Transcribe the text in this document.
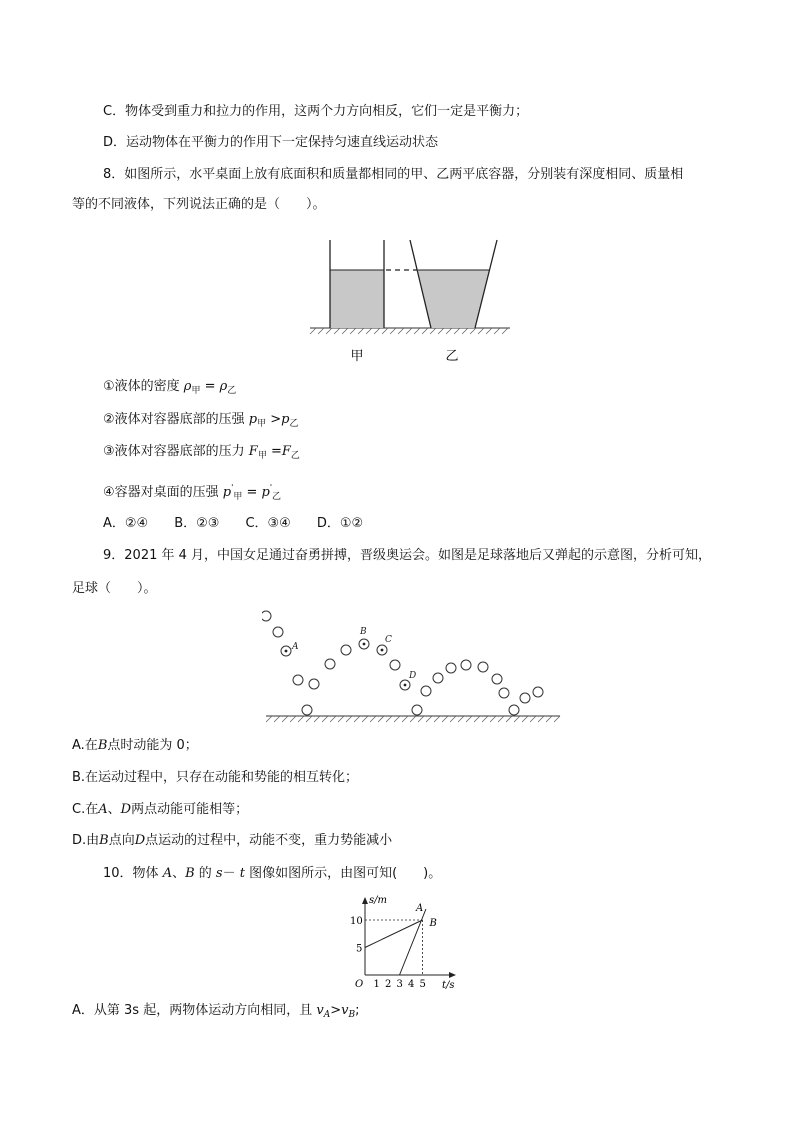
C．物体受到重力和拉力的作用，这两个力方向相反，它们一定是平衡力；
D．运动物体在平衡力的作用下一定保持匀速直线运动状态
8．如图所示，水平桌面上放有底面积和质量都相同的甲、乙两平底容器，分别装有深度相同、质量相
等的不同液体，下列说法正确的是（　　）。
甲	乙
①液体的密度 $\rho_甲 = \rho_乙$
②液体对容器底部的压强 $p_甲 >p_乙$
③液体对容器底部的压力 $F_甲 =F_乙$
④容器对桌面的压强 $p'_甲 = p'_乙$
A．②④ B．②③ C．③④ D．①②
9．2021 年 4 月，中国女足通过奋勇拼搏，晋级奥运会。如图是足球落地后又弹起的示意图，分析可知，
足球（　　）。
A
B
C
D
A.在B点时动能为 0；
B.在运动过程中，只存在动能和势能的相互转化；
C.在A、D两点动能可能相等；
D.由B点向D点运动的过程中，动能不变，重力势能减小
10．物体 A、B 的 s－ t 图像如图所示，由图可知(　　)。
s/m
t/s
O 1 2 3 4 5
5
10
A
B
A．从第 3s 起，两物体运动方向相同，且 $v_A>v_B$;
